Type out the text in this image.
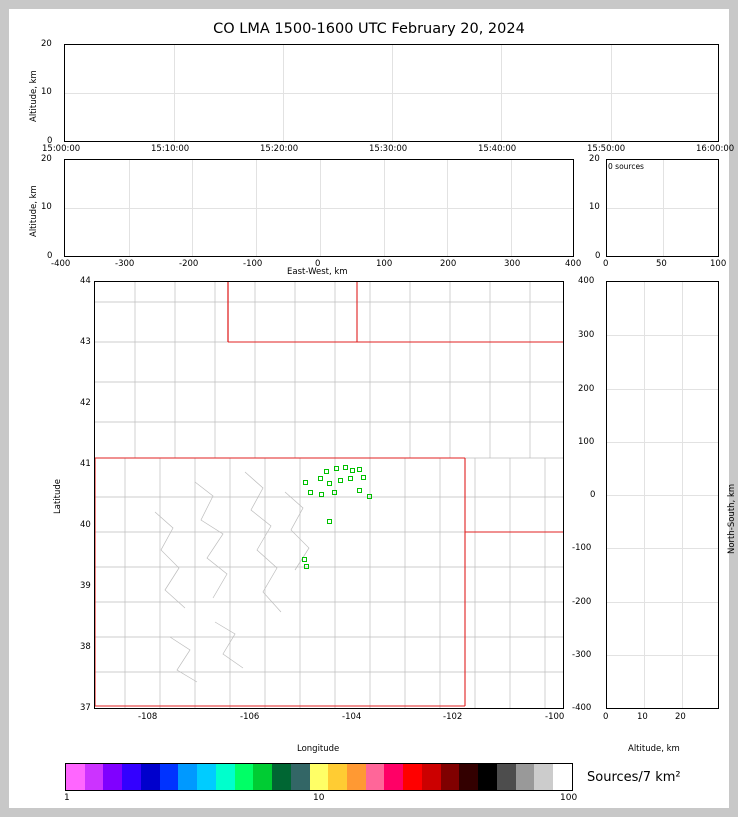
CO LMA 1500-1600 UTC February 20, 2024
Altitude, km
0
10
20
15:00:00	15:10:00	15:20:00	15:30:00	15:40:00	15:50:00	16:00:00
Altitude, km
0
10
20
-400	-300	-200	-100	0	100	200	300	400
East-West, km
0 sources
0
10
20
0	50	100
Latitude
Longitude
37
38
39
40
41
42
43
44
-108	-106	-104	-102	-100
North-South, km
Altitude, km
-400
-300
-200
-100
0
100
200
300
400
0	10	20
Sources/7 km²
1	10	100
